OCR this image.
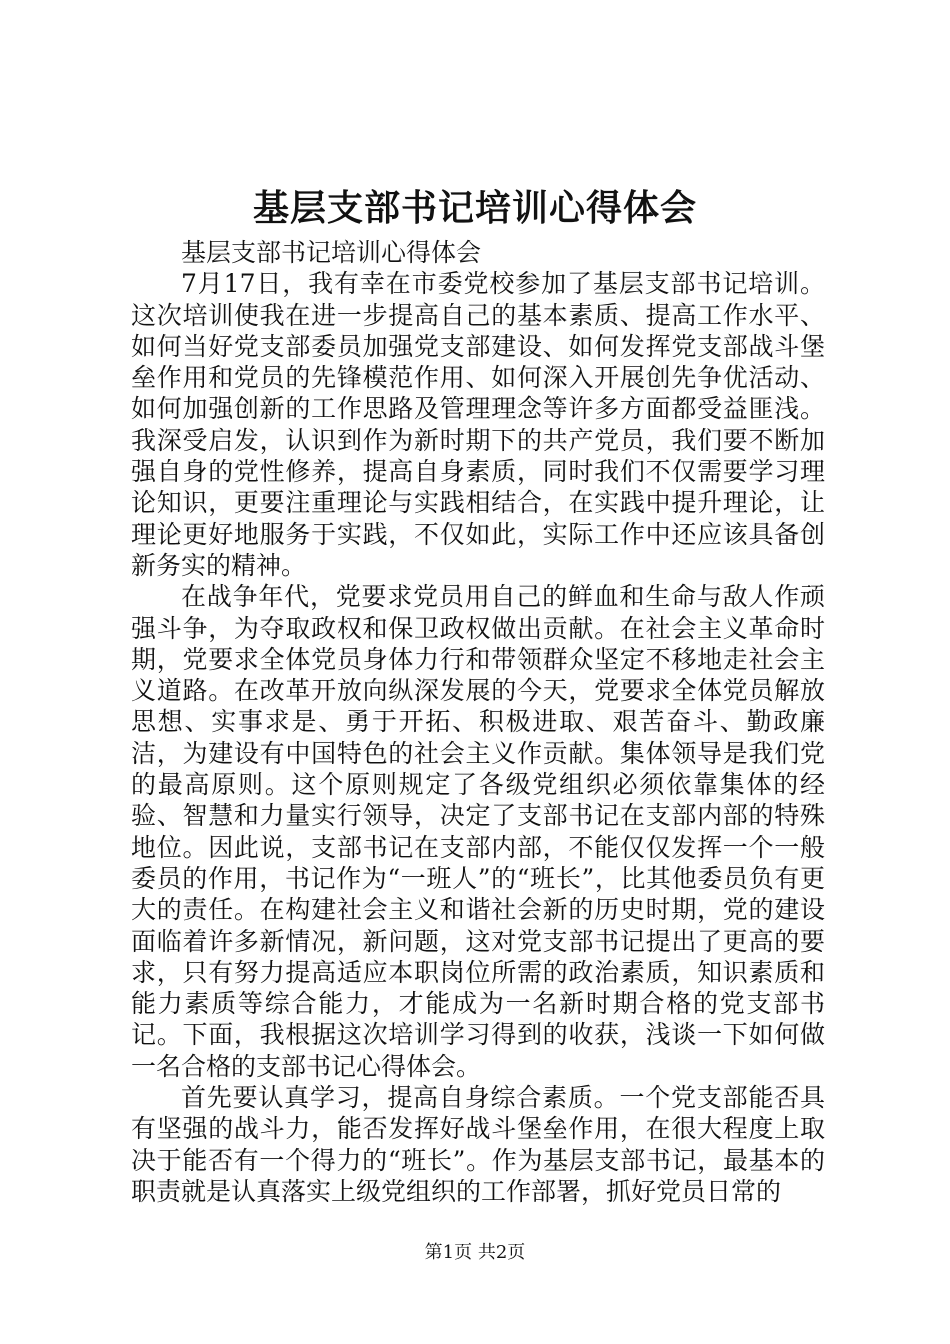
基层支部书记培训心得体会

基层支部书记培训心得体会

7月17日，我有幸在市委党校参加了基层支部书记培训。这次培训使我在进一步提高自己的基本素质、提高工作水平、如何当好党支部委员加强党支部建设、如何发挥党支部战斗堡垒作用和党员的先锋模范作用、如何深入开展创先争优活动、如何加强创新的工作思路及管理理念等许多方面都受益匪浅。我深受启发，认识到作为新时期下的共产党员，我们要不断加强自身的党性修养，提高自身素质，同时我们不仅需要学习理论知识，更要注重理论与实践相结合，在实践中提升理论，让理论更好地服务于实践，不仅如此，实际工作中还应该具备创新务实的精神。

在战争年代，党要求党员用自己的鲜血和生命与敌人作顽强斗争，为夺取政权和保卫政权做出贡献。在社会主义革命时期，党要求全体党员身体力行和带领群众坚定不移地走社会主义道路。在改革开放向纵深发展的今天，党要求全体党员解放思想、实事求是、勇于开拓、积极进取、艰苦奋斗、勤政廉洁，为建设有中国特色的社会主义作贡献。集体领导是我们党的最高原则。这个原则规定了各级党组织必须依靠集体的经验、智慧和力量实行领导，决定了支部书记在支部内部的特殊地位。因此说，支部书记在支部内部，不能仅仅发挥一个一般委员的作用，书记作为“一班人”的“班长”，比其他委员负有更大的责任。在构建社会主义和谐社会新的历史时期，党的建设面临着许多新情况，新问题，这对党支部书记提出了更高的要求，只有努力提高适应本职岗位所需的政治素质，知识素质和能力素质等综合能力，才能成为一名新时期合格的党支部书记。下面，我根据这次培训学习得到的收获，浅谈一下如何做一名合格的支部书记心得体会。

首先要认真学习，提高自身综合素质。一个党支部能否具有坚强的战斗力，能否发挥好战斗堡垒作用，在很大程度上取决于能否有一个得力的“班长”。作为基层支部书记，最基本的职责就是认真落实上级党组织的工作部署，抓好党员日常的

第1页 共2页
